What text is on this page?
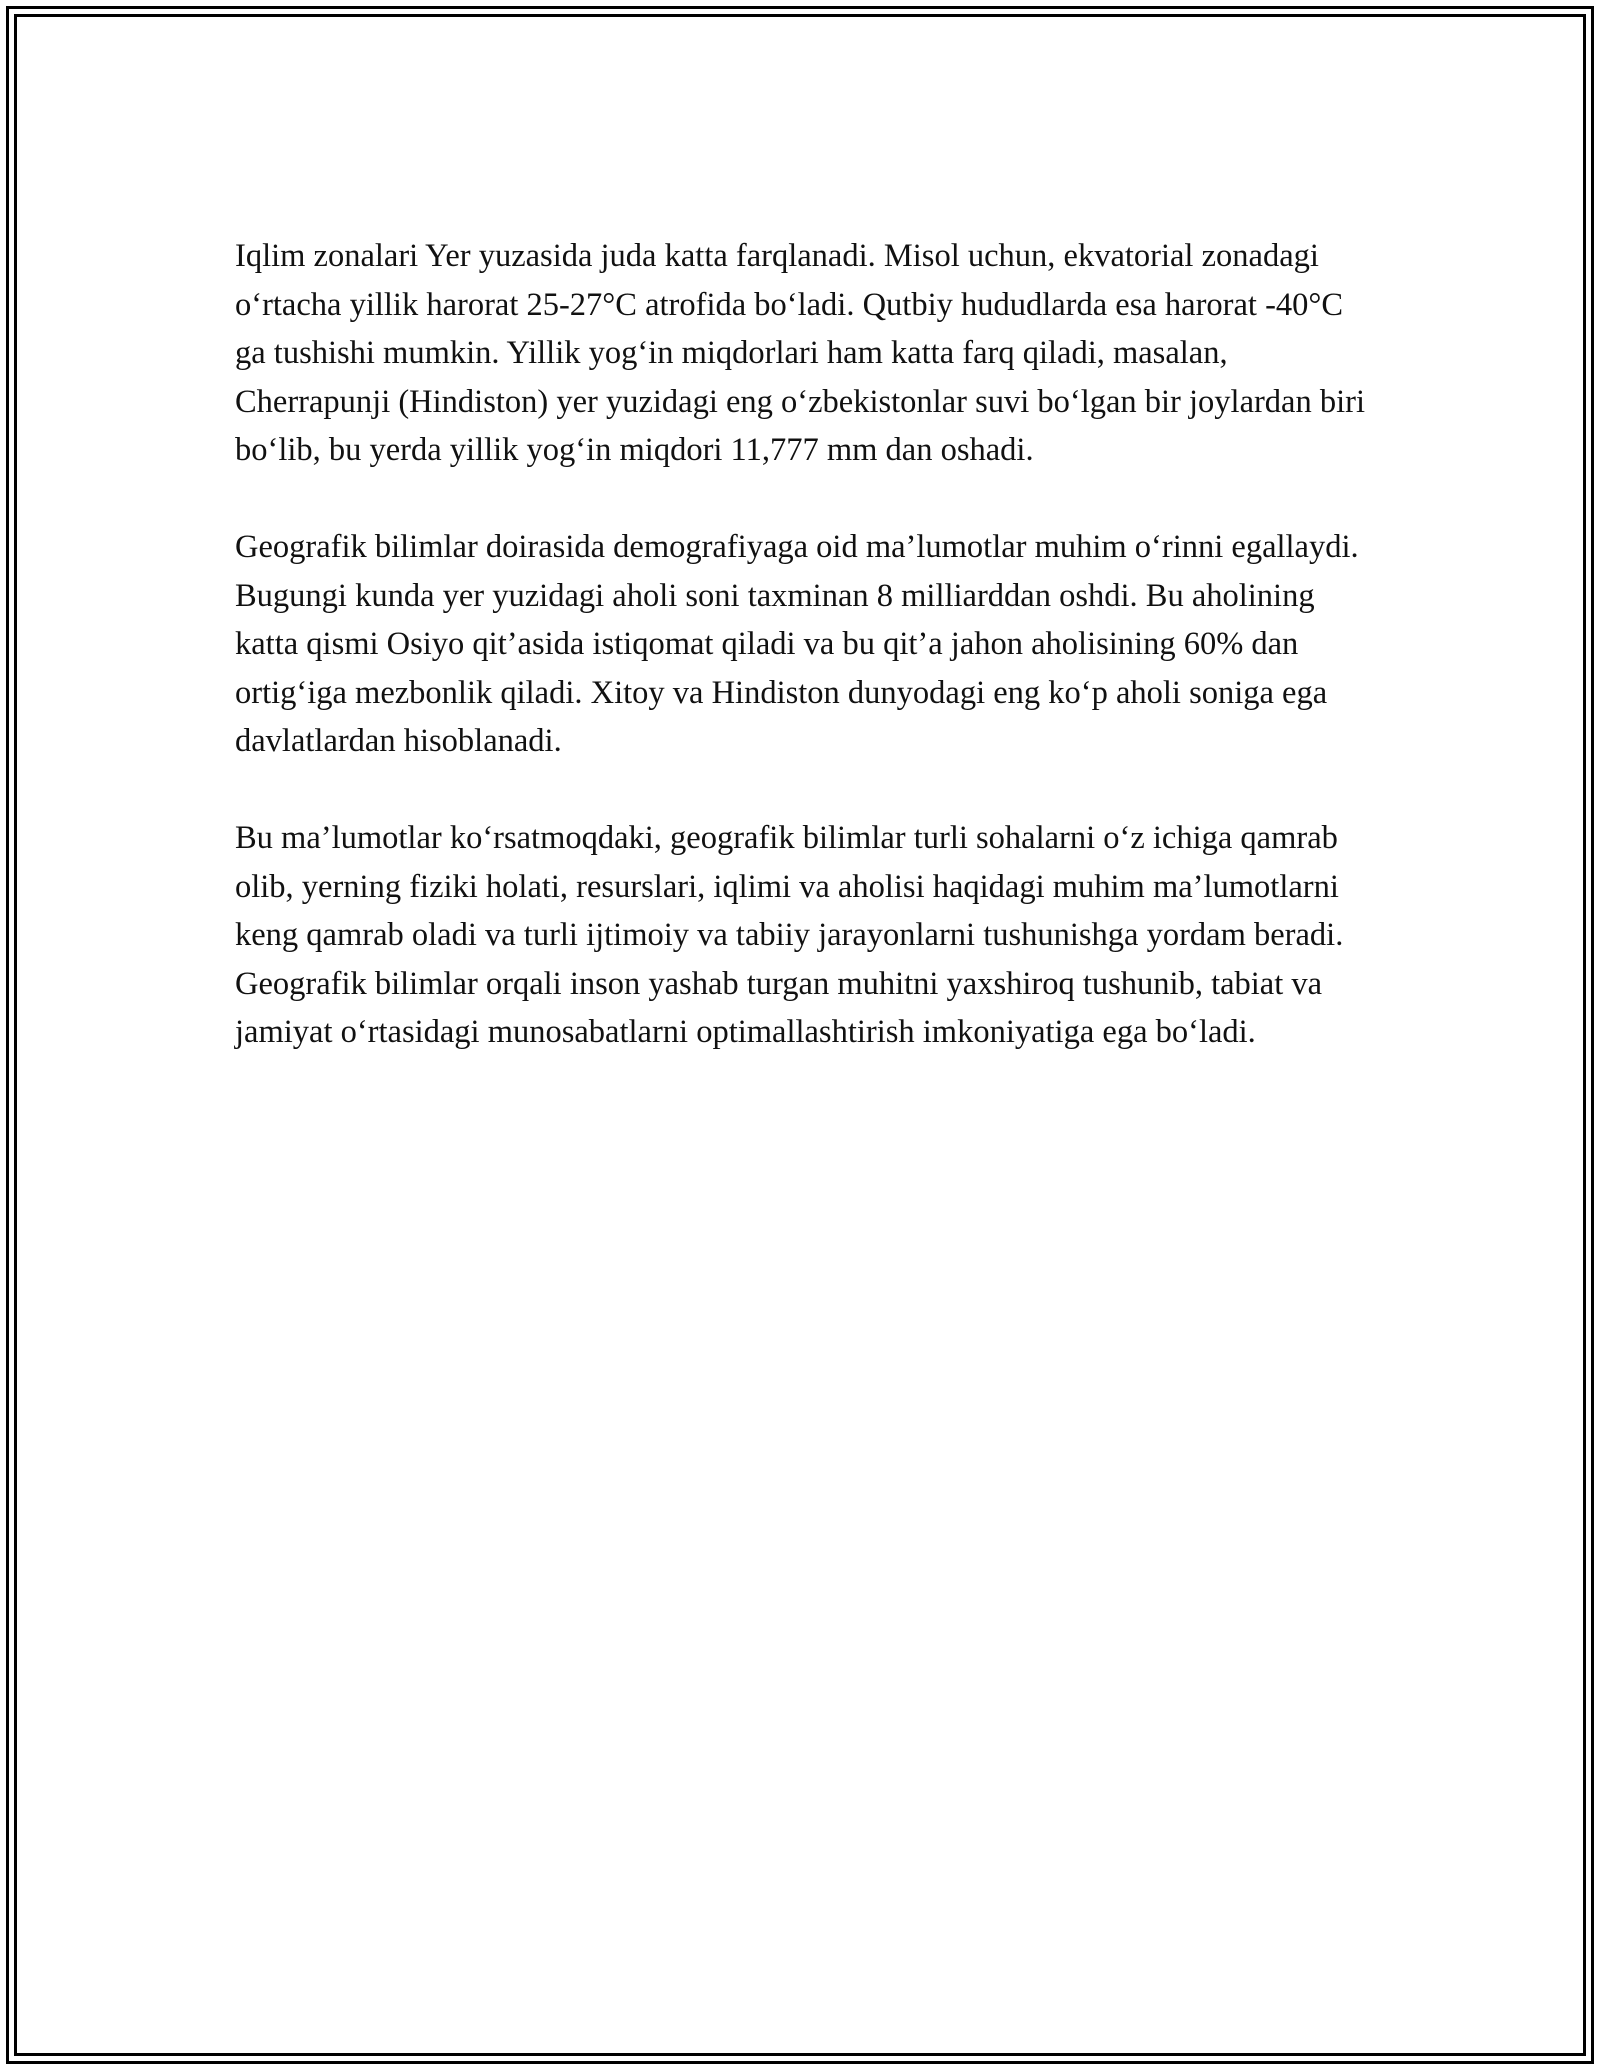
Iqlim zonalari Yer yuzasida juda katta farqlanadi. Misol uchun, ekvatorial zonadagi o‘rtacha yillik harorat 25-27°C atrofida bo‘ladi. Qutbiy hududlarda esa harorat -40°C ga tushishi mumkin. Yillik yog‘in miqdorlari ham katta farq qiladi, masalan, Cherrapunji (Hindiston) yer yuzidagi eng o‘zbekistonlar suvi bo‘lgan bir joylardan biri bo‘lib, bu yerda yillik yog‘in miqdori 11,777 mm dan oshadi.

Geografik bilimlar doirasida demografiyaga oid ma’lumotlar muhim o‘rinni egallaydi. Bugungi kunda yer yuzidagi aholi soni taxminan 8 milliarddan oshdi. Bu aholining katta qismi Osiyo qit’asida istiqomat qiladi va bu qit’a jahon aholisining 60% dan ortig‘iga mezbonlik qiladi. Xitoy va Hindiston dunyodagi eng ko‘p aholi soniga ega davlatlardan hisoblanadi.

Bu ma’lumotlar ko‘rsatmoqdaki, geografik bilimlar turli sohalarni o‘z ichiga qamrab olib, yerning fiziki holati, resurslari, iqlimi va aholisi haqidagi muhim ma’lumotlarni keng qamrab oladi va turli ijtimoiy va tabiiy jarayonlarni tushunishga yordam beradi. Geografik bilimlar orqali inson yashab turgan muhitni yaxshiroq tushunib, tabiat va jamiyat o‘rtasidagi munosabatlarni optimallashtirish imkoniyatiga ega bo‘ladi.
